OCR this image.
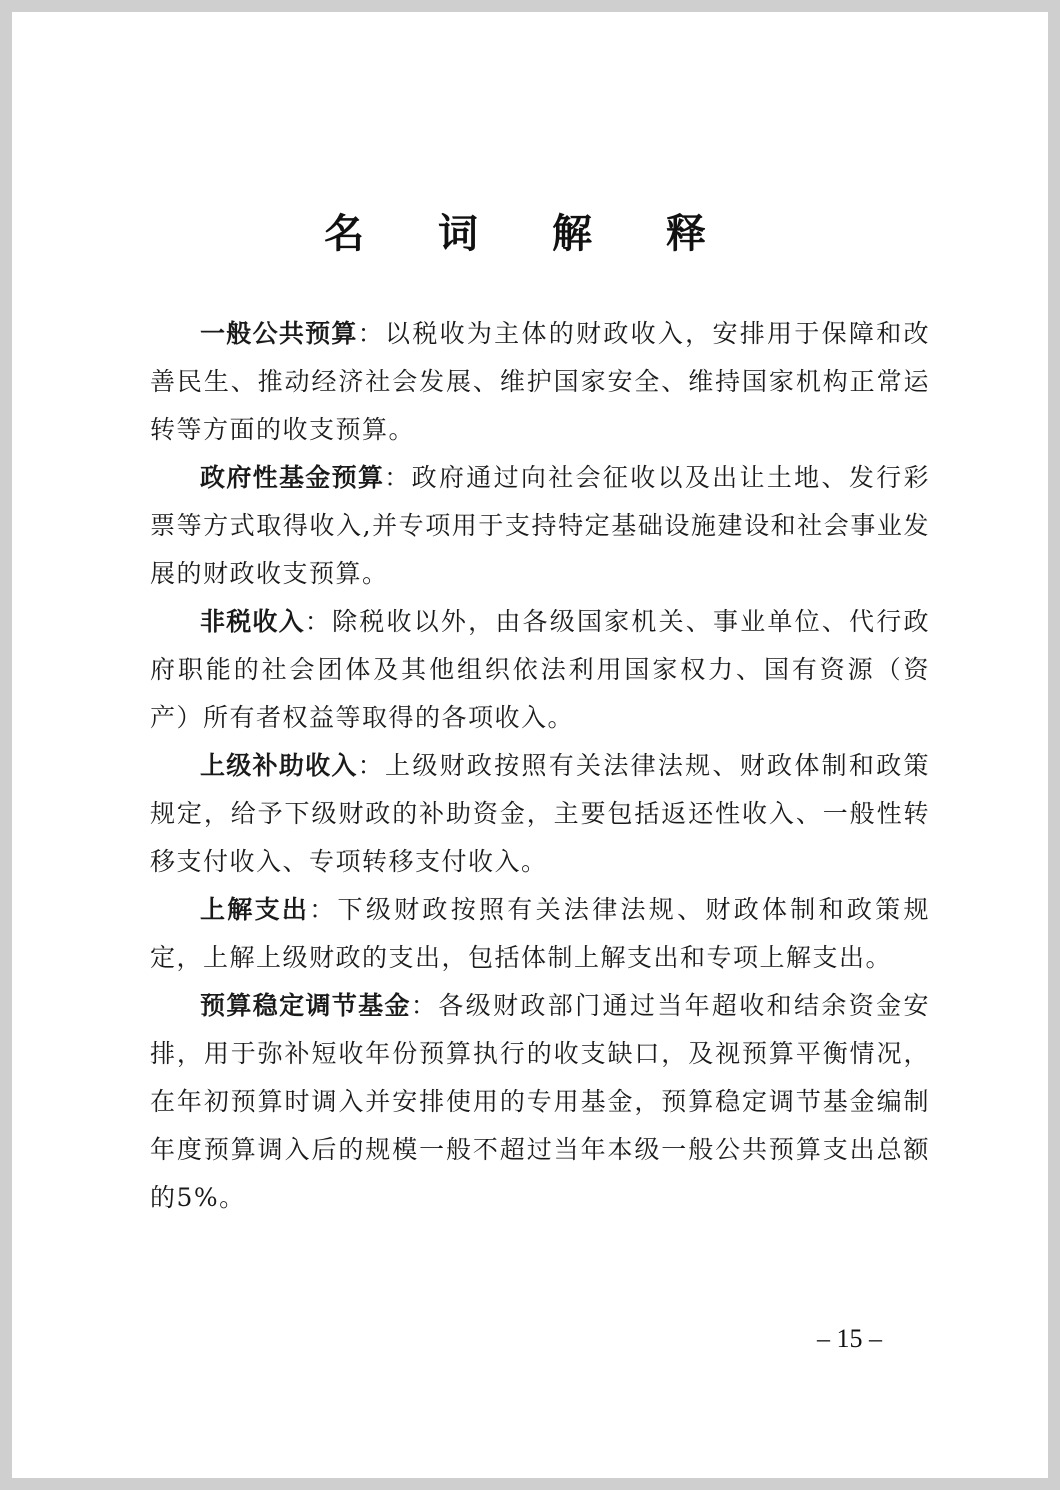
名 词 解 释

一般公共预算：以税收为主体的财政收入，安排用于保障和改善民生、推动经济社会发展、维护国家安全、维持国家机构正常运转等方面的收支预算。

政府性基金预算：政府通过向社会征收以及出让土地、发行彩票等方式取得收入,并专项用于支持特定基础设施建设和社会事业发展的财政收支预算。

非税收入：除税收以外，由各级国家机关、事业单位、代行政府职能的社会团体及其他组织依法利用国家权力、国有资源（资产）所有者权益等取得的各项收入。

上级补助收入：上级财政按照有关法律法规、财政体制和政策规定，给予下级财政的补助资金，主要包括返还性收入、一般性转移支付收入、专项转移支付收入。

上解支出：下级财政按照有关法律法规、财政体制和政策规定，上解上级财政的支出，包括体制上解支出和专项上解支出。

预算稳定调节基金：各级财政部门通过当年超收和结余资金安排，用于弥补短收年份预算执行的收支缺口，及视预算平衡情况，在年初预算时调入并安排使用的专用基金，预算稳定调节基金编制年度预算调入后的规模一般不超过当年本级一般公共预算支出总额的5%。

– 15 –
